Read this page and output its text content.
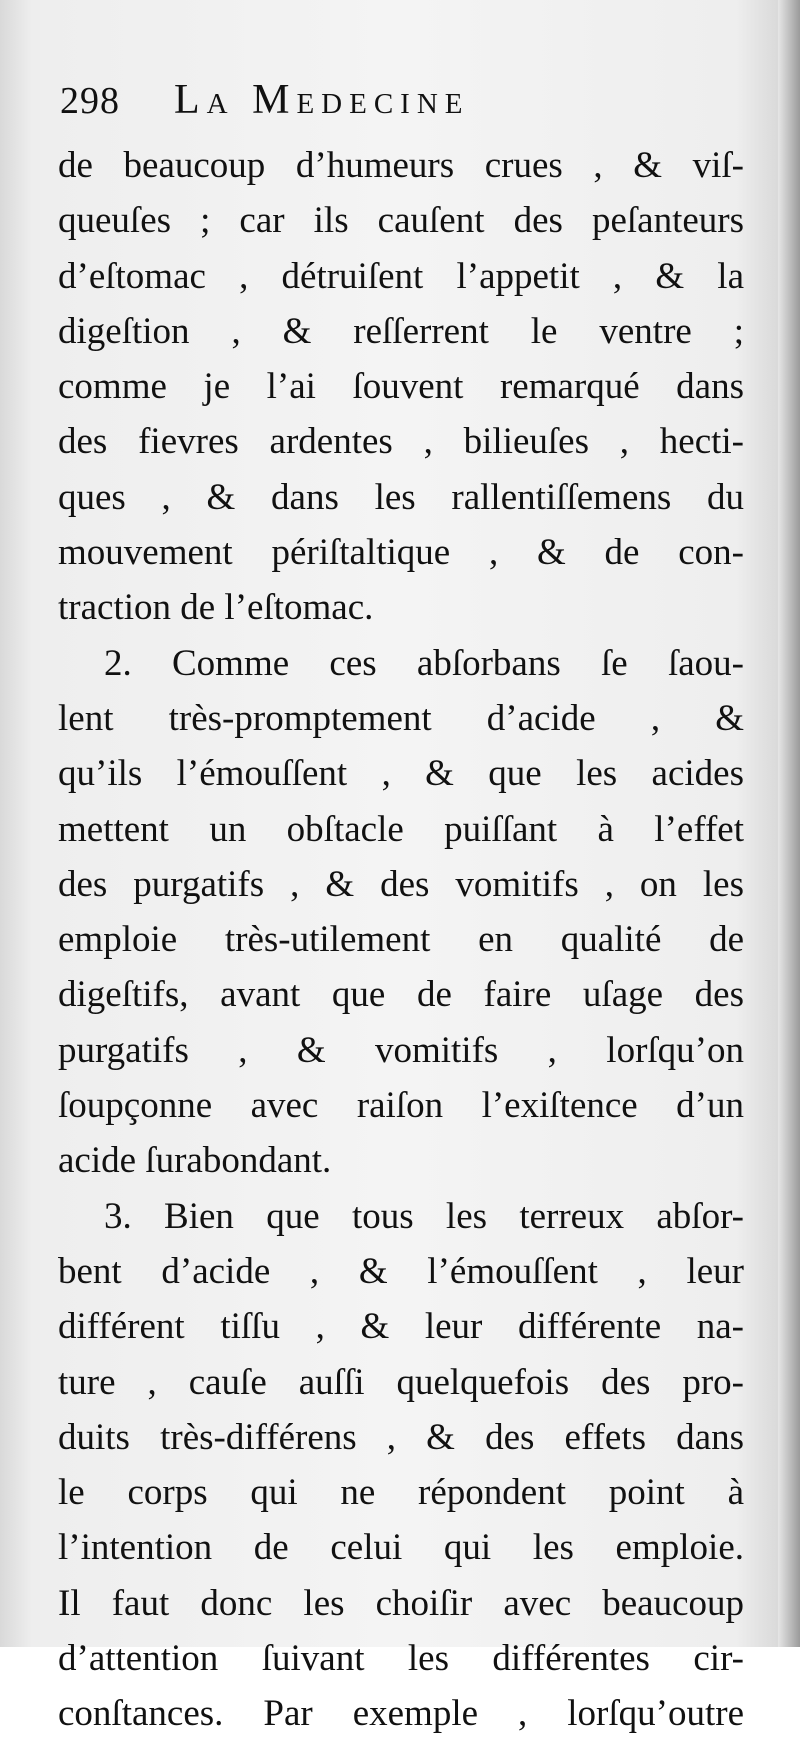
298 La Medecine
de beaucoup d’humeurs crues , & viſ-
queuſes ; car ils cauſent des peſanteurs
d’eſtomac , détruiſent l’appetit , & la
digeſtion , & reſſerrent le ventre ;
comme je l’ai ſouvent remarqué dans
des fievres ardentes , bilieuſes , hecti-
ques , & dans les rallentiſſemens du
mouvement périſtaltique , & de con-
traction de l’eſtomac.
2. Comme ces abſorbans ſe ſaou-
lent très-promptement d’acide , &
qu’ils l’émouſſent , & que les acides
mettent un obſtacle puiſſant à l’effet
des purgatifs , & des vomitifs , on les
emploie très-utilement en qualité de
digeſtifs, avant que de faire uſage des
purgatifs , & vomitifs , lorſqu’on
ſoupçonne avec raiſon l’exiſtence d’un
acide ſurabondant.
3. Bien que tous les terreux abſor-
bent d’acide , & l’émouſſent , leur
différent tiſſu , & leur différente na-
ture , cauſe auſſi quelquefois des pro-
duits très-différens , & des effets dans
le corps qui ne répondent point à
l’intention de celui qui les emploie.
Il faut donc les choiſir avec beaucoup
d’attention ſuivant les différentes cir-
conſtances. Par exemple , lorſqu’outre
